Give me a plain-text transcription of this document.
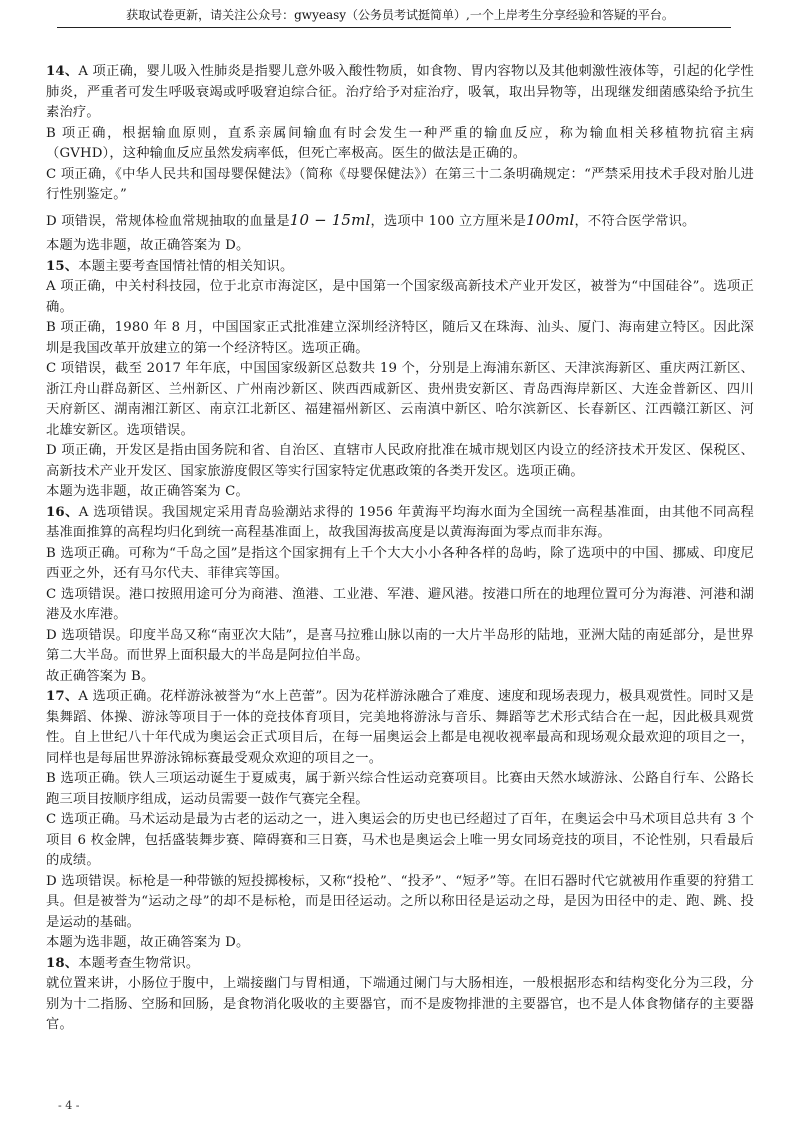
获取试卷更新，请关注公众号：gwyeasy（公务员考试挺简单）,一个上岸考生分享经验和答疑的平台。

14、A 项正确，婴儿吸入性肺炎是指婴儿意外吸入酸性物质，如食物、胃内容物以及其他刺激性液体等，引起的化学性肺炎，严重者可发生呼吸衰竭或呼吸窘迫综合征。治疗给予对症治疗，吸氧，取出异物等，出现继发细菌感染给予抗生素治疗。

B 项正确，根据输血原则，直系亲属间输血有时会发生一种严重的输血反应，称为输血相关移植物抗宿主病（GVHD），这种输血反应虽然发病率低，但死亡率极高。医生的做法是正确的。

C 项正确，《中华人民共和国母婴保健法》（简称《母婴保健法》）在第三十二条明确规定：“严禁采用技术手段对胎儿进行性别鉴定。”

D 项错误，常规体检血常规抽取的血量是10 − 15ml，选项中 100 立方厘米是100ml，不符合医学常识。

本题为选非题，故正确答案为 D。

15、本题主要考查国情社情的相关知识。

A 项正确，中关村科技园，位于北京市海淀区，是中国第一个国家级高新技术产业开发区，被誉为“中国硅谷”。选项正确。

B 项正确，1980 年 8 月，中国国家正式批准建立深圳经济特区，随后又在珠海、汕头、厦门、海南建立特区。因此深圳是我国改革开放建立的第一个经济特区。选项正确。

C 项错误，截至 2017 年年底，中国国家级新区总数共 19 个，分别是上海浦东新区、天津滨海新区、重庆两江新区、浙江舟山群岛新区、兰州新区、广州南沙新区、陕西西咸新区、贵州贵安新区、青岛西海岸新区、大连金普新区、四川天府新区、湖南湘江新区、南京江北新区、福建福州新区、云南滇中新区、哈尔滨新区、长春新区、江西赣江新区、河北雄安新区。选项错误。

D 项正确，开发区是指由国务院和省、自治区、直辖市人民政府批准在城市规划区内设立的经济技术开发区、保税区、高新技术产业开发区、国家旅游度假区等实行国家特定优惠政策的各类开发区。选项正确。

本题为选非题，故正确答案为 C。

16、A 选项错误。我国规定采用青岛验潮站求得的 1956 年黄海平均海水面为全国统一高程基准面，由其他不同高程基准面推算的高程均归化到统一高程基准面上，故我国海拔高度是以黄海海面为零点而非东海。

B 选项正确。可称为“千岛之国”是指这个国家拥有上千个大大小小各种各样的岛屿，除了选项中的中国、挪威、印度尼西亚之外，还有马尔代夫、菲律宾等国。

C 选项错误。港口按照用途可分为商港、渔港、工业港、军港、避风港。按港口所在的地理位置可分为海港、河港和湖港及水库港。

D 选项错误。印度半岛又称“南亚次大陆”，是喜马拉雅山脉以南的一大片半岛形的陆地，亚洲大陆的南延部分，是世界第二大半岛。而世界上面积最大的半岛是阿拉伯半岛。

故正确答案为 B。

17、A 选项正确。花样游泳被誉为“水上芭蕾”。因为花样游泳融合了难度、速度和现场表现力，极具观赏性。同时又是集舞蹈、体操、游泳等项目于一体的竞技体育项目，完美地将游泳与音乐、舞蹈等艺术形式结合在一起，因此极具观赏性。自上世纪八十年代成为奥运会正式项目后，在每一届奥运会上都是电视收视率最高和现场观众最欢迎的项目之一，同样也是每届世界游泳锦标赛最受观众欢迎的项目之一。

B 选项正确。铁人三项运动诞生于夏威夷，属于新兴综合性运动竞赛项目。比赛由天然水域游泳、公路自行车、公路长跑三项目按顺序组成，运动员需要一鼓作气赛完全程。

C 选项正确。马术运动是最为古老的运动之一，进入奥运会的历史也已经超过了百年，在奥运会中马术项目总共有 3 个项目 6 枚金牌，包括盛装舞步赛、障碍赛和三日赛，马术也是奥运会上唯一男女同场竞技的项目，不论性别，只看最后的成绩。

D 选项错误。标枪是一种带镞的短投掷梭标，又称“投枪”、“投矛”、“短矛”等。在旧石器时代它就被用作重要的狩猎工具。但是被誉为“运动之母”的却不是标枪，而是田径运动。之所以称田径是运动之母，是因为田径中的走、跑、跳、投是运动的基础。

本题为选非题，故正确答案为 D。

18、本题考查生物常识。

就位置来讲，小肠位于腹中，上端接幽门与胃相通，下端通过阑门与大肠相连，一般根据形态和结构变化分为三段，分别为十二指肠、空肠和回肠，是食物消化吸收的主要器官，而不是废物排泄的主要器官，也不是人体食物储存的主要器官。

- 4 -
